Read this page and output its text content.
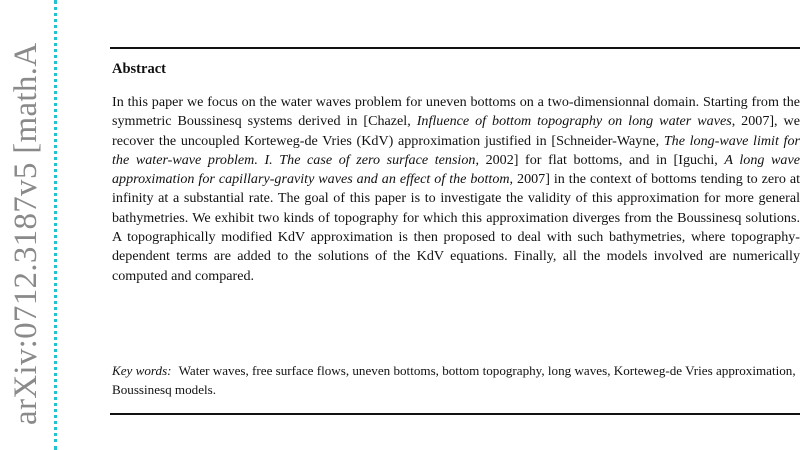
arXiv:0712.3187v5 [math.A	Abstract

In this paper we focus on the water waves problem for uneven bottoms on a two-dimensionnal domain. Starting from the symmetric Boussinesq systems derived in [Chazel, Influence of bottom topography on long water waves, 2007], we recover the uncoupled Korteweg-de Vries (KdV) approximation justified in [Schneider-Wayne, The long-wave limit for the water-wave problem. I. The case of zero surface tension, 2002] for flat bottoms, and in [Iguchi, A long wave approximation for capillary-gravity waves and an effect of the bottom, 2007] in the context of bottoms tending to zero at infinity at a substantial rate. The goal of this paper is to investigate the validity of this approximation for more general bathymetries. We exhibit two kinds of topography for which this approximation diverges from the Boussinesq solutions. A topographically modified KdV approximation is then proposed to deal with such bathymetries, where topography-dependent terms are added to the solutions of the KdV equations. Finally, all the models involved are numerically computed and compared.

Key words: Water waves, free surface flows, uneven bottoms, bottom topography, long waves, Korteweg-de Vries approximation, Boussinesq models.
